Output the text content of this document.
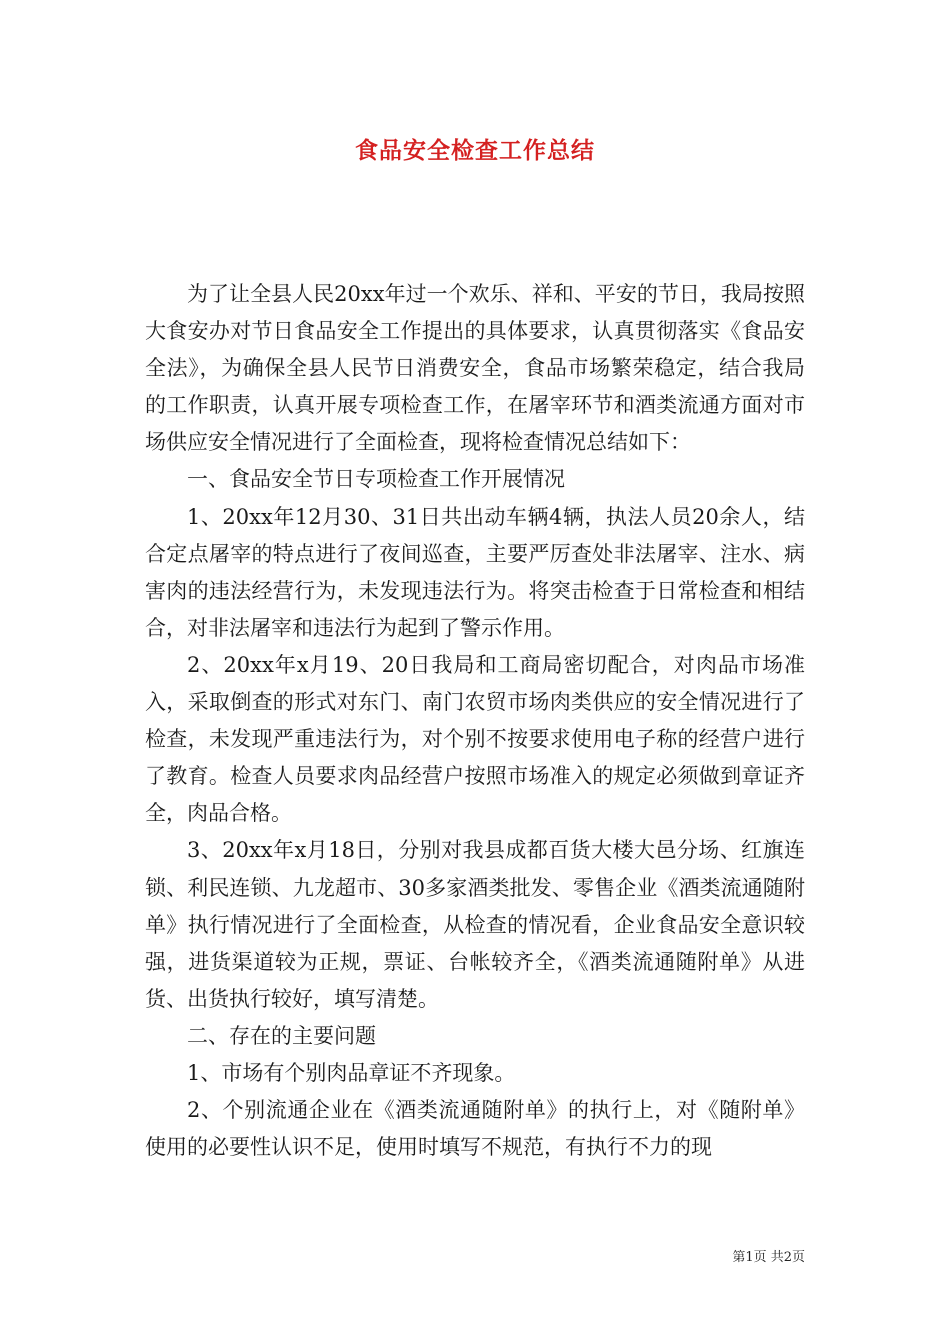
食品安全检查工作总结

为了让全县人民20xx年过一个欢乐、祥和、平安的节日，我局按照大食安办对节日食品安全工作提出的具体要求，认真贯彻落实《食品安全法》，为确保全县人民节日消费安全，食品市场繁荣稳定，结合我局的工作职责，认真开展专项检查工作，在屠宰环节和酒类流通方面对市场供应安全情况进行了全面检查，现将检查情况总结如下：

一、食品安全节日专项检查工作开展情况

1、20xx年12月30、31日共出动车辆4辆，执法人员20余人，结合定点屠宰的特点进行了夜间巡查，主要严厉查处非法屠宰、注水、病害肉的违法经营行为，未发现违法行为。将突击检查于日常检查和相结合，对非法屠宰和违法行为起到了警示作用。

2、20xx年x月19、20日我局和工商局密切配合，对肉品市场准入，采取倒查的形式对东门、南门农贸市场肉类供应的安全情况进行了检查，未发现严重违法行为，对个别不按要求使用电子称的经营户进行了教育。检查人员要求肉品经营户按照市场准入的规定必须做到章证齐全，肉品合格。

3、20xx年x月18日，分别对我县成都百货大楼大邑分场、红旗连锁、利民连锁、九龙超市、30多家酒类批发、零售企业《酒类流通随附单》执行情况进行了全面检查，从检查的情况看，企业食品安全意识较强，进货渠道较为正规，票证、台帐较齐全，《酒类流通随附单》从进货、出货执行较好，填写清楚。

二、存在的主要问题

1、市场有个别肉品章证不齐现象。

2、个别流通企业在《酒类流通随附单》的执行上，对《随附单》使用的必要性认识不足，使用时填写不规范，有执行不力的现

第1页 共2页
